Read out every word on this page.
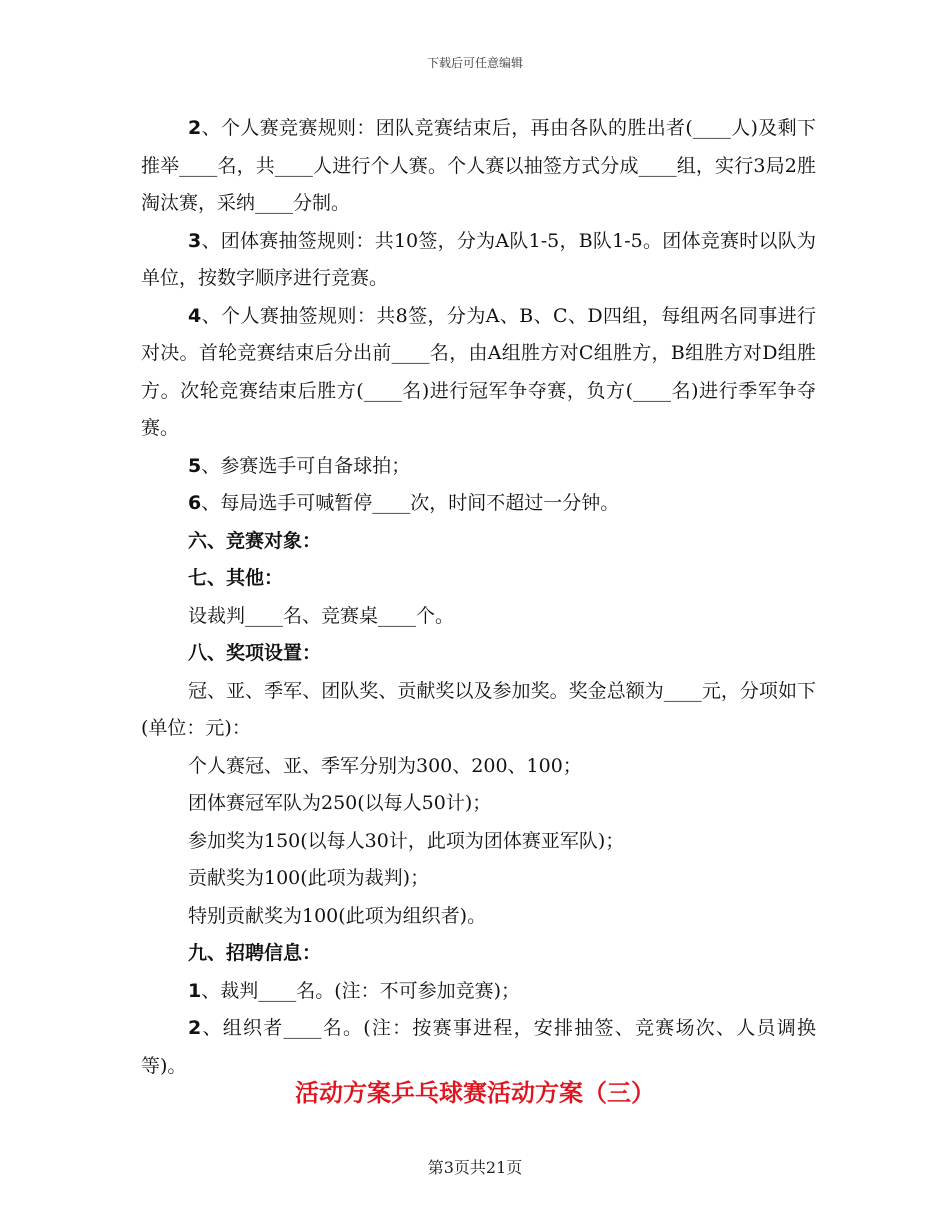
下载后可任意编辑

2、个人赛竞赛规则：团队竞赛结束后，再由各队的胜出者(____人)及剩下推举____名，共____人进行个人赛。个人赛以抽签方式分成____组，实行3局2胜淘汰赛，采纳____分制。

3、团体赛抽签规则：共10签，分为A队1-5，B队1-5。团体竞赛时以队为单位，按数字顺序进行竞赛。

4、个人赛抽签规则：共8签，分为A、B、C、D四组，每组两名同事进行对决。首轮竞赛结束后分出前____名，由A组胜方对C组胜方，B组胜方对D组胜方。次轮竞赛结束后胜方(____名)进行冠军争夺赛，负方(____名)进行季军争夺赛。

5、参赛选手可自备球拍；

6、每局选手可喊暂停____次，时间不超过一分钟。

六、竞赛对象：

七、其他：

设裁判____名、竞赛桌____个。

八、奖项设置：

冠、亚、季军、团队奖、贡献奖以及参加奖。奖金总额为____元，分项如下(单位：元)：

个人赛冠、亚、季军分别为300、200、100；

团体赛冠军队为250(以每人50计)；

参加奖为150(以每人30计，此项为团体赛亚军队)；

贡献奖为100(此项为裁判)；

特别贡献奖为100(此项为组织者)。

九、招聘信息：

1、裁判____名。(注：不可参加竞赛)；

2、组织者____名。(注：按赛事进程，安排抽签、竞赛场次、人员调换等)。

活动方案乒乓球赛活动方案（三）
第3页共21页
